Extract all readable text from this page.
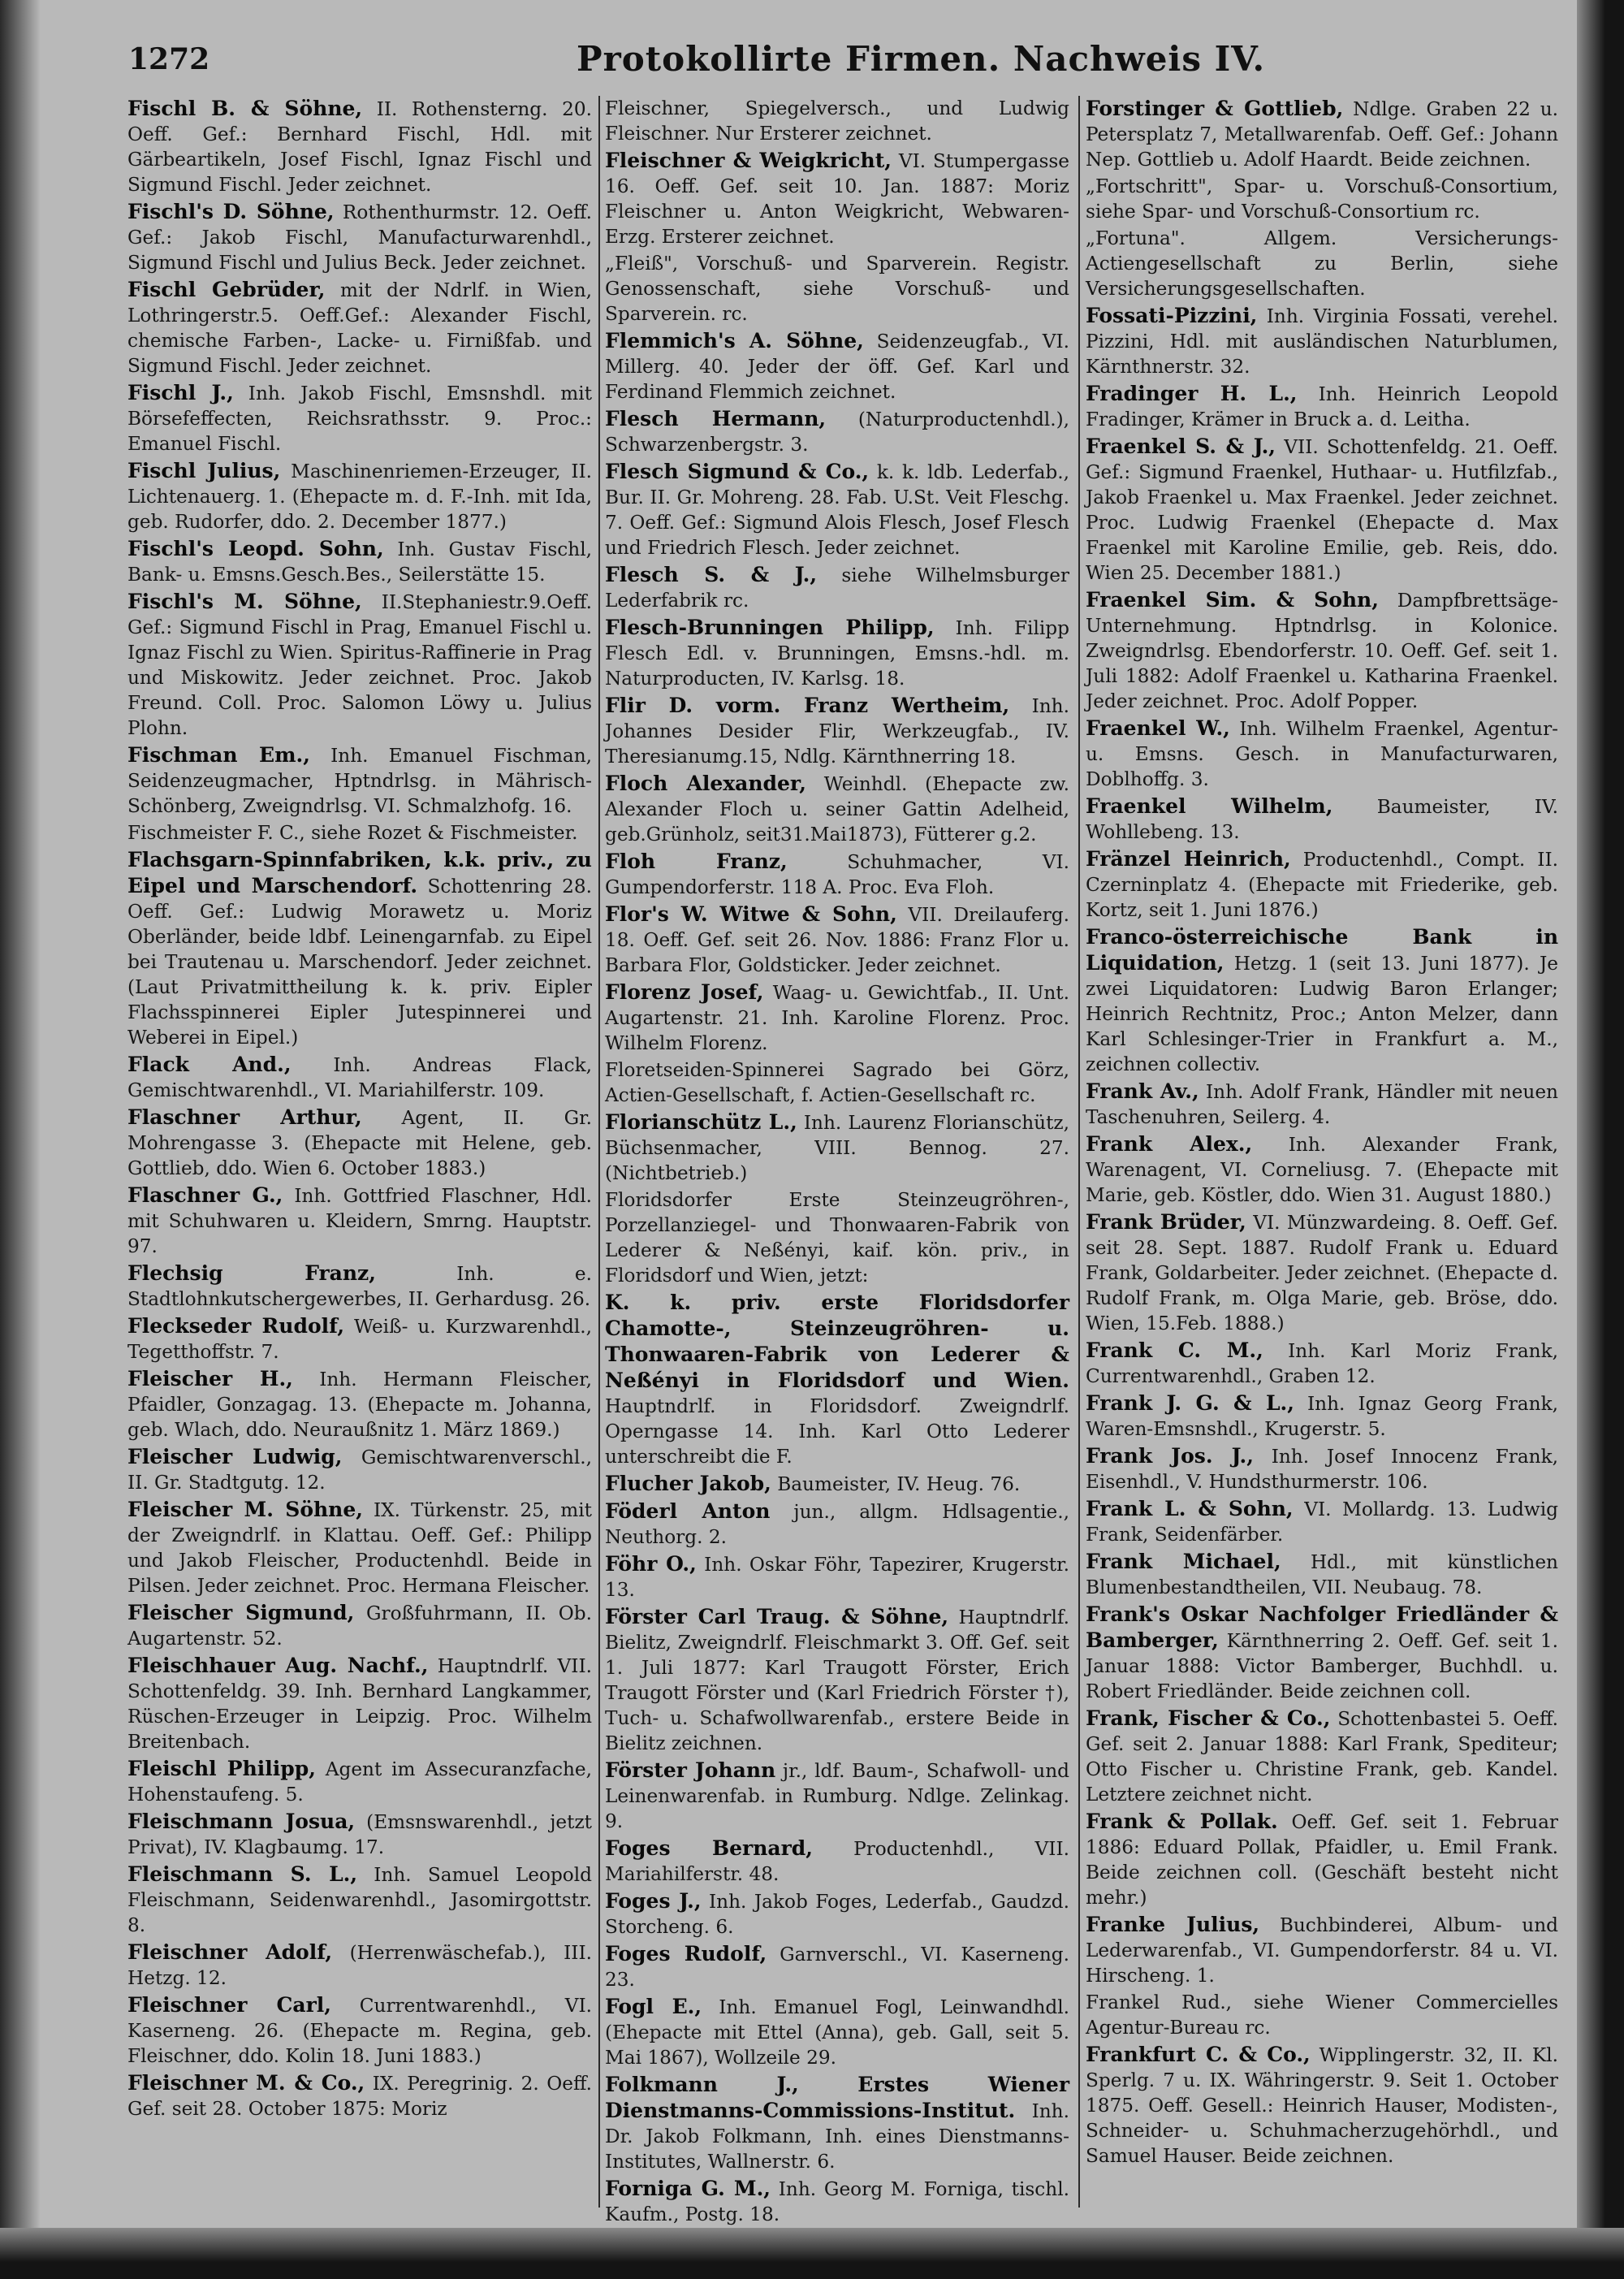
1272	Protokollirte Firmen. Nachweis IV.

Fischl B. & Söhne, II. Rothensterng. 20. Oeff. Gef.: Bernhard Fischl, Hdl. mit Gärbeartikeln, Josef Fischl, Ignaz Fischl und Sigmund Fischl. Jeder zeichnet.

Fischl's D. Söhne, Rothenthurmstr. 12. Oeff. Gef.: Jakob Fischl, Manufacturwarenhdl., Sigmund Fischl und Julius Beck. Jeder zeichnet.

Fischl Gebrüder, mit der Ndrlf. in Wien, Lothringerstr.5. Oeff.Gef.: Alexander Fischl, chemische Farben-, Lacke- u. Firnißfab. und Sigmund Fischl. Jeder zeichnet.

Fischl J., Inh. Jakob Fischl, Emsnshdl. mit Börsefeffecten, Reichsrathsstr. 9. Proc.: Emanuel Fischl.

Fischl Julius, Maschinenriemen-Erzeuger, II. Lichtenauerg. 1. (Ehepacte m. d. F.-Inh. mit Ida, geb. Rudorfer, ddo. 2. December 1877.)

Fischl's Leopd. Sohn, Inh. Gustav Fischl, Bank- u. Emsns.Gesch.Bes., Seilerstätte 15.

Fischl's M. Söhne, II.Stephaniestr.9.Oeff. Gef.: Sigmund Fischl in Prag, Emanuel Fischl u. Ignaz Fischl zu Wien. Spiritus-Raffinerie in Prag und Miskowitz. Jeder zeichnet. Proc. Jakob Freund. Coll. Proc. Salomon Löwy u. Julius Plohn.

Fischman Em., Inh. Emanuel Fischman, Seidenzeugmacher, Hptndrlsg. in Mährisch-Schönberg, Zweigndrlsg. VI. Schmalzhofg. 16.

Fischmeister F. C., siehe Rozet & Fischmeister.

Flachsgarn-Spinnfabriken, k.k. priv., zu Eipel und Marschendorf. Schottenring 28. Oeff. Gef.: Ludwig Morawetz u. Moriz Oberländer, beide ldbf. Leinengarnfab. zu Eipel bei Trautenau u. Marschendorf. Jeder zeichnet. (Laut Privatmittheilung k. k. priv. Eipler Flachsspinnerei Eipler Jutespinnerei und Weberei in Eipel.)

Flack And., Inh. Andreas Flack, Gemischtwarenhdl., VI. Mariahilferstr. 109.

Flaschner Arthur, Agent, II. Gr. Mohrengasse 3. (Ehepacte mit Helene, geb. Gottlieb, ddo. Wien 6. October 1883.)

Flaschner G., Inh. Gottfried Flaschner, Hdl. mit Schuhwaren u. Kleidern, Smrng. Hauptstr. 97.

Flechsig Franz,	Inh. e. Stadtlohnkutschergewerbes, II. Gerhardusg. 26.

Fleckseder Rudolf, Weiß- u. Kurzwarenhdl., Tegetthoffstr. 7.

Fleischer H., Inh. Hermann Fleischer, Pfaidler, Gonzagag. 13. (Ehepacte m. Johanna, geb. Wlach, ddo. Neuraußnitz 1. März 1869.)

Fleischer Ludwig, Gemischtwarenverschl., II. Gr. Stadtgutg. 12.

Fleischer M. Söhne, IX. Türkenstr. 25, mit der Zweigndrlf. in Klattau. Oeff. Gef.: Philipp und Jakob Fleischer, Productenhdl. Beide in Pilsen. Jeder zeichnet. Proc. Hermana Fleischer.

Fleischer Sigmund, Großfuhrmann, II. Ob. Augartenstr. 52.

Fleischhauer Aug. Nachf., Hauptndrlf. VII. Schottenfeldg. 39. Inh. Bernhard Langkammer, Rüschen-Erzeuger in Leipzig. Proc. Wilhelm Breitenbach.

Fleischl Philipp, Agent im Assecuranzfache, Hohenstaufeng. 5.

Fleischmann Josua, (Emsnswarenhdl., jetzt Privat), IV. Klagbaumg. 17.

Fleischmann S. L., Inh. Samuel Leopold Fleischmann, Seidenwarenhdl., Jasomirgottstr. 8.

Fleischner Adolf, (Herrenwäschefab.), III. Hetzg. 12.

Fleischner Carl, Currentwarenhdl., VI. Kaserneng. 26. (Ehepacte m. Regina, geb. Fleischner, ddo. Kolin 18. Juni 1883.)

Fleischner M. & Co., IX. Peregrinig. 2. Oeff. Gef. seit 28. October 1875: Moriz

Fleischner, Spiegelversch., und Ludwig Fleischner. Nur Ersterer zeichnet.

Fleischner & Weigkricht, VI. Stumpergasse 16. Oeff. Gef. seit 10. Jan. 1887: Moriz Fleischner u. Anton Weigkricht, Webwaren-Erzg. Ersterer zeichnet.

„Fleiß", Vorschuß- und Sparverein. Registr. Genossenschaft, siehe Vorschuß- und Sparverein. rc.

Flemmich's A. Söhne, Seidenzeugfab., VI. Millerg. 40. Jeder der öff. Gef. Karl und Ferdinand Flemmich zeichnet.

Flesch Hermann, (Naturproductenhdl.), Schwarzenbergstr. 3.

Flesch Sigmund & Co., k. k. ldb. Lederfab., Bur. II. Gr. Mohreng. 28. Fab. U.St. Veit Fleschg. 7. Oeff. Gef.: Sigmund Alois Flesch, Josef Flesch und Friedrich Flesch. Jeder zeichnet.

Flesch S. & J., siehe Wilhelmsburger Lederfabrik rc.

Flesch-Brunningen Philipp, Inh. Filipp Flesch Edl. v. Brunningen, Emsns.-hdl. m. Naturproducten, IV. Karlsg. 18.

Flir D. vorm. Franz Wertheim, Inh. Johannes Desider Flir, Werkzeugfab., IV. Theresianumg.15, Ndlg. Kärnthnerring 18.

Floch Alexander, Weinhdl. (Ehepacte zw. Alexander Floch u. seiner Gattin Adelheid, geb.Grünholz, seit31.Mai1873), Fütterer g.2.

Floh Franz,	Schuhmacher, VI. Gumpendorferstr. 118 A. Proc. Eva Floh.

Flor's W. Witwe & Sohn, VII. Dreilauferg. 18. Oeff. Gef. seit 26. Nov. 1886: Franz Flor u. Barbara Flor, Goldsticker. Jeder zeichnet.

Florenz Josef, Waag- u. Gewichtfab., II. Unt. Augartenstr. 21. Inh. Karoline Florenz. Proc. Wilhelm Florenz.

Floretseiden-Spinnerei Sagrado bei Görz, Actien-Gesellschaft, f. Actien-Gesellschaft rc.

Florianschütz L., Inh. Laurenz Florianschütz, Büchsenmacher, VIII. Bennog. 27. (Nichtbetrieb.)

Floridsdorfer Erste Steinzeugröhren-, Porzellanziegel- und Thonwaaren-Fabrik von Lederer & Neßényi, kaif. kön. priv., in Floridsdorf und Wien, jetzt:

K. k. priv. erste Floridsdorfer Chamotte-, Steinzeugröhren- u. Thonwaaren-Fabrik von Lederer & Neßényi in Floridsdorf und Wien. Hauptndrlf. in Floridsdorf. Zweigndrlf. Operngasse 14. Inh. Karl Otto Lederer unterschreibt die F.

Flucher Jakob, Baumeister, IV. Heug. 76.

Föderl Anton jun., allgm. Hdlsagentie., Neuthorg. 2.

Föhr O., Inh. Oskar Föhr, Tapezirer, Krugerstr. 13.

Förster Carl Traug. & Söhne, Hauptndrlf. Bielitz, Zweigndrlf. Fleischmarkt 3. Off. Gef. seit 1. Juli 1877: Karl Traugott Förster, Erich Traugott Förster und (Karl Friedrich Förster †), Tuch- u. Schafwollwarenfab., erstere Beide in Bielitz zeichnen.

Förster Johann jr., ldf. Baum-, Schafwoll- und Leinenwarenfab. in Rumburg. Ndlge. Zelinkag. 9.

Foges Bernard, Productenhdl., VII. Mariahilferstr. 48.

Foges J., Inh. Jakob Foges, Lederfab., Gaudzd. Storcheng. 6.

Foges Rudolf, Garnverschl., VI. Kaserneng. 23.

Fogl E., Inh. Emanuel Fogl, Leinwandhdl. (Ehepacte mit Ettel (Anna), geb. Gall, seit 5. Mai 1867), Wollzeile 29.

Folkmann J., Erstes Wiener Dienstmanns-Commissions-Institut. Inh. Dr. Jakob Folkmann, Inh. eines Dienstmanns-Institutes, Wallnerstr. 6.

Forniga G. M., Inh. Georg M. Forniga, tischl. Kaufm., Postg. 18.

Forstinger & Gottlieb, Ndlge. Graben 22 u. Petersplatz 7, Metallwarenfab. Oeff. Gef.: Johann Nep. Gottlieb u. Adolf Haardt. Beide zeichnen.

„Fortschritt", Spar- u. Vorschuß-Consortium, siehe Spar- und Vorschuß-Consortium rc.

„Fortuna". Allgem. Versicherungs-Actiengesellschaft zu Berlin, siehe Versicherungsgesellschaften.

Fossati-Pizzini, Inh. Virginia Fossati, verehel. Pizzini, Hdl. mit ausländischen Naturblumen, Kärnthnerstr. 32.

Fradinger H. L., Inh. Heinrich Leopold Fradinger, Krämer in Bruck a. d. Leitha.

Fraenkel S. & J., VII. Schottenfeldg. 21. Oeff. Gef.: Sigmund Fraenkel, Huthaar- u. Hutfilzfab., Jakob Fraenkel u. Max Fraenkel. Jeder zeichnet. Proc. Ludwig Fraenkel (Ehepacte d. Max Fraenkel mit Karoline Emilie, geb. Reis, ddo. Wien 25. December 1881.)

Fraenkel Sim. & Sohn, Dampfbrettsäge-Unternehmung. Hptndrlsg. in Kolonice. Zweigndrlsg. Ebendorferstr. 10. Oeff. Gef. seit 1. Juli 1882: Adolf Fraenkel u. Katharina Fraenkel. Jeder zeichnet. Proc. Adolf Popper.

Fraenkel W., Inh. Wilhelm Fraenkel, Agentur- u. Emsns. Gesch. in Manufacturwaren, Doblhoffg. 3.

Fraenkel Wilhelm, Baumeister, IV. Wohllebeng. 13.

Fränzel Heinrich, Productenhdl., Compt. II. Czerninplatz 4. (Ehepacte mit Friederike, geb. Kortz, seit 1. Juni 1876.)

Franco-österreichische Bank in Liquidation, Hetzg. 1 (seit 13. Juni 1877). Je zwei Liquidatoren: Ludwig Baron Erlanger; Heinrich Rechtnitz, Proc.; Anton Melzer, dann Karl Schlesinger-Trier in Frankfurt a. M., zeichnen collectiv.

Frank Av., Inh. Adolf Frank, Händler mit neuen Taschenuhren, Seilerg. 4.

Frank Alex., Inh. Alexander Frank, Warenagent, VI. Corneliusg. 7. (Ehepacte mit Marie, geb. Köstler, ddo. Wien 31. August 1880.)

Frank Brüder, VI. Münzwardeing. 8. Oeff. Gef. seit 28. Sept. 1887. Rudolf Frank u. Eduard Frank, Goldarbeiter. Jeder zeichnet. (Ehepacte d. Rudolf Frank, m. Olga Marie, geb. Bröse, ddo. Wien, 15.Feb. 1888.)

Frank C. M., Inh. Karl Moriz Frank, Currentwarenhdl., Graben 12.

Frank J. G. & L., Inh. Ignaz Georg Frank, Waren-Emsnshdl., Krugerstr. 5.

Frank Jos. J., Inh. Josef Innocenz Frank, Eisenhdl., V. Hundsthurmerstr. 106.

Frank L. & Sohn, VI. Mollardg. 13. Ludwig Frank, Seidenfärber.

Frank Michael, Hdl., mit künstlichen Blumenbestandtheilen, VII. Neubaug. 78.

Frank's Oskar Nachfolger Friedländer & Bamberger, Kärnthnerring 2. Oeff. Gef. seit 1. Januar 1888: Victor Bamberger, Buchhdl. u. Robert Friedländer. Beide zeichnen coll.

Frank, Fischer & Co., Schottenbastei 5. Oeff. Gef. seit 2. Januar 1888: Karl Frank, Spediteur; Otto Fischer u. Christine Frank, geb. Kandel. Letztere zeichnet nicht.

Frank & Pollak. Oeff. Gef. seit 1. Februar 1886: Eduard Pollak, Pfaidler, u. Emil Frank. Beide zeichnen coll. (Geschäft besteht nicht mehr.)

Franke Julius, Buchbinderei, Album- und Lederwarenfab., VI. Gumpendorferstr. 84 u. VI. Hirscheng. 1.

Frankel Rud., siehe Wiener Commercielles Agentur-Bureau rc.

Frankfurt C. & Co., Wipplingerstr. 32, II. Kl. Sperlg. 7 u. IX. Währingerstr. 9. Seit 1. October 1875. Oeff. Gesell.: Heinrich Hauser, Modisten-, Schneider- u. Schuhmacherzugehörhdl., und Samuel Hauser. Beide zeichnen.
